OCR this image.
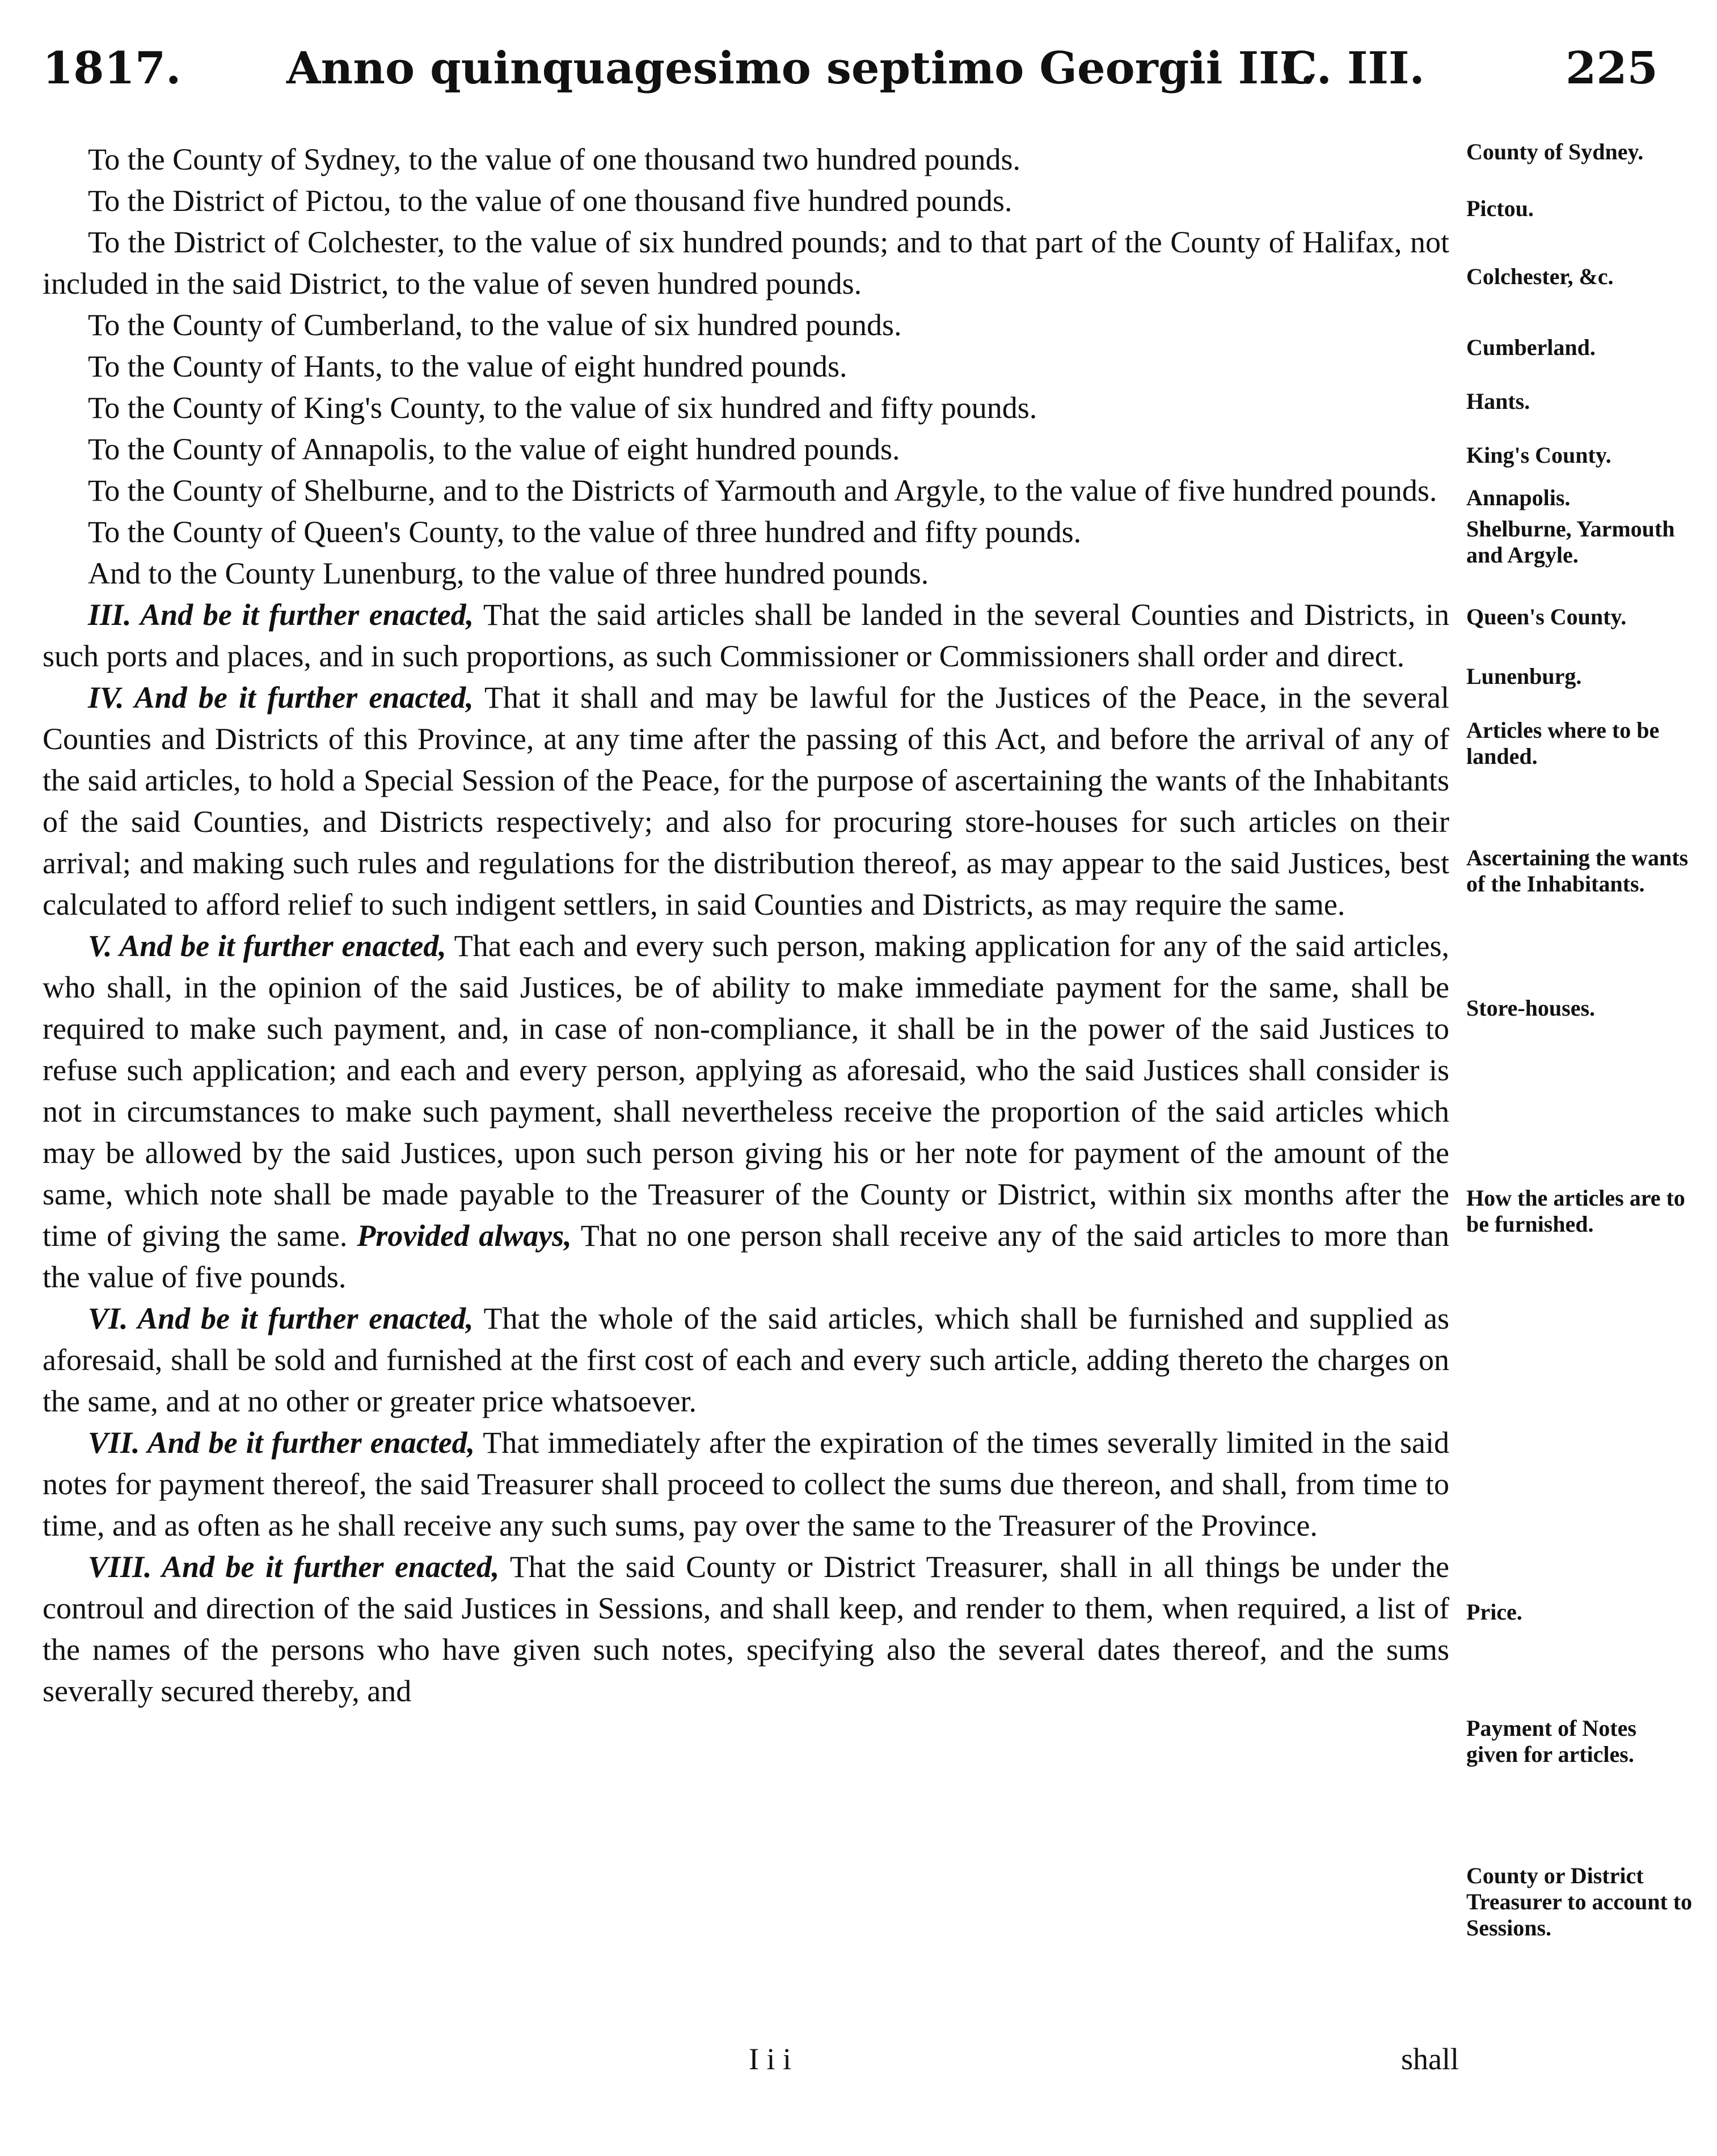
1817. Anno quinquagesimo septimo Georgii III.
C. III.	225

To the County of Sydney, to the value of one thousand two hundred pounds.

To the District of Pictou, to the value of one thousand five hundred pounds.

To the District of Colchester, to the value of six hundred pounds; and to that part of the County of Halifax, not included in the said District, to the value of seven hundred pounds.

To the County of Cumberland, to the value of six hundred pounds.

To the County of Hants, to the value of eight hundred pounds.

To the County of King's County, to the value of six hundred and fifty pounds.

To the County of Annapolis, to the value of eight hundred pounds.

To the County of Shelburne, and to the Districts of Yarmouth and Argyle, to the value of five hundred pounds.

To the County of Queen's County, to the value of three hundred and fifty pounds.

And to the County Lunenburg, to the value of three hundred pounds.

III. And be it further enacted, That the said articles shall be landed in the several Counties and Districts, in such ports and places, and in such proportions, as such Commissioner or Commissioners shall order and direct.

IV. And be it further enacted, That it shall and may be lawful for the Justices of the Peace, in the several Counties and Districts of this Province, at any time after the passing of this Act, and before the arrival of any of the said articles, to hold a Special Session of the Peace, for the purpose of ascertaining the wants of the Inhabitants of the said Counties, and Districts respectively; and also for procuring store-houses for such articles on their arrival; and making such rules and regulations for the distribution thereof, as may appear to the said Justices, best calculated to afford relief to such indigent settlers, in said Counties and Districts, as may require the same.

V. And be it further enacted, That each and every such person, making application for any of the said articles, who shall, in the opinion of the said Justices, be of ability to make immediate payment for the same, shall be required to make such payment, and, in case of non-compliance, it shall be in the power of the said Justices to refuse such application; and each and every person, applying as aforesaid, who the said Justices shall consider is not in circumstances to make such payment, shall nevertheless receive the proportion of the said articles which may be allowed by the said Justices, upon such person giving his or her note for payment of the amount of the same, which note shall be made payable to the Treasurer of the County or District, within six months after the time of giving the same. Provided always, That no one person shall receive any of the said articles to more than the value of five pounds.

VI. And be it further enacted, That the whole of the said articles, which shall be furnished and supplied as aforesaid, shall be sold and furnished at the first cost of each and every such article, adding thereto the charges on the same, and at no other or greater price whatsoever.

VII. And be it further enacted, That immediately after the expiration of the times severally limited in the said notes for payment thereof, the said Treasurer shall proceed to collect the sums due thereon, and shall, from time to time, and as often as he shall receive any such sums, pay over the same to the Treasurer of the Province.

VIII. And be it further enacted, That the said County or District Treasurer, shall in all things be under the controul and direction of the said Justices in Sessions, and shall keep, and render to them, when required, a list of the names of the persons who have given such notes, specifying also the several dates thereof, and the sums severally secured thereby, and

I i i	shall
County of Sydney.
Pictou.
Colchester, &c.
Cumberland.
Hants.
King's County.
Annapolis.
Shelburne, Yarmouth and Argyle.
Queen's County.
Lunenburg.
Articles where to be landed.
Ascertaining the wants of the Inhabitants.
Store-houses.
How the articles are to be furnished.
Price.
Payment of Notes given for articles.
County or District Treasurer to account to Sessions.
